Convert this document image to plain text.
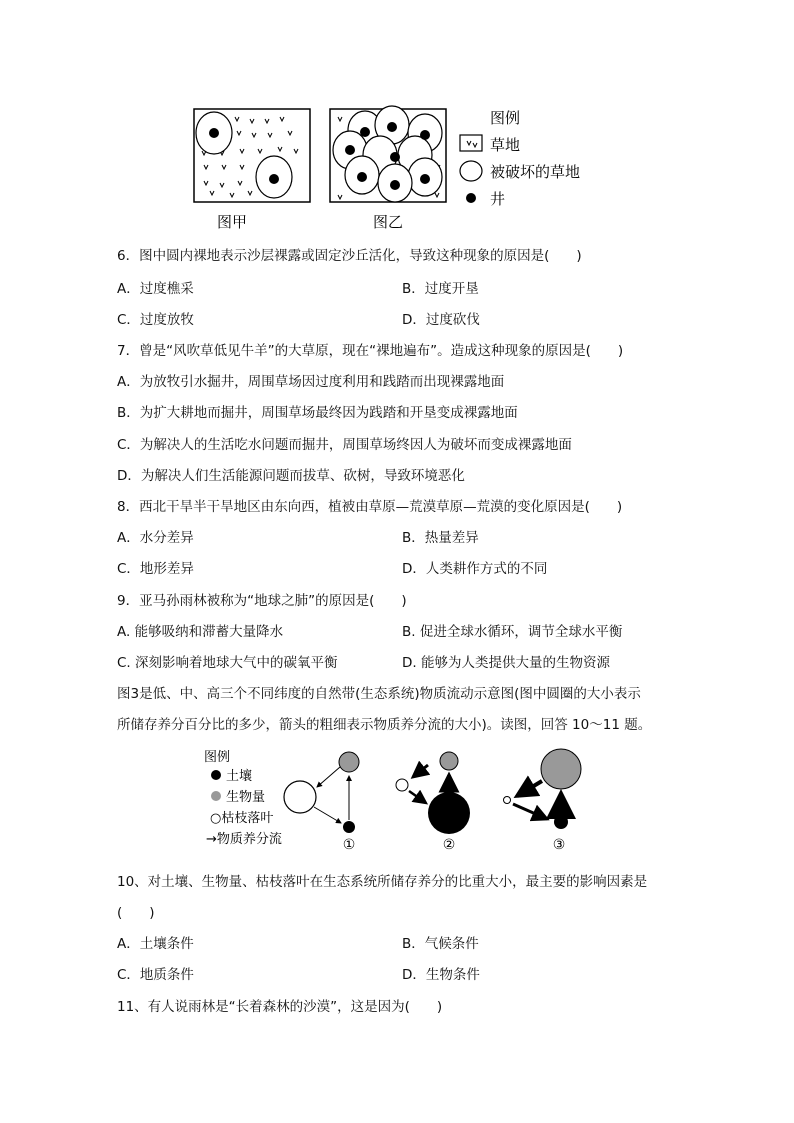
图甲	图乙
图例
草地
被破坏的草地
井
6．图中圆内裸地表示沙层裸露或固定沙丘活化，导致这种现象的原因是(　　)
A．过度樵采	B．过度开垦
C．过度放牧	D．过度砍伐
7．曾是“风吹草低见牛羊”的大草原，现在“裸地遍布”。造成这种现象的原因是(　　)
A．为放牧引水掘井，周围草场因过度利用和践踏而出现裸露地面
B．为扩大耕地而掘井，周围草场最终因为践踏和开垦变成裸露地面
C．为解决人的生活吃水问题而掘井，周围草场终因人为破坏而变成裸露地面
D．为解决人们生活能源问题而拔草、砍树，导致环境恶化
8．西北干旱半干旱地区由东向西，植被由草原—荒漠草原—荒漠的变化原因是(　　)
A．水分差异	B．热量差异
C．地形差异	D．人类耕作方式的不同
9．亚马孙雨林被称为“地球之肺”的原因是(　　)
A. 能够吸纳和滞蓄大量降水	B. 促进全球水循环，调节全球水平衡
C. 深刻影响着地球大气中的碳氧平衡	D. 能够为人类提供大量的生物资源
图3是低、中、高三个不同纬度的自然带(生态系统)物质流动示意图(图中圆圈的大小表示
所储存养分百分比的多少，箭头的粗细表示物质养分流的大小)。读图，回答 10～11 题。
图例
土壤
生物量
○枯枝落叶
→物质养分流	①	②	③
10、对土壤、生物量、枯枝落叶在生态系统所储存养分的比重大小，最主要的影响因素是
(　　)
A．土壤条件	B．气候条件
C．地质条件	D．生物条件
11、有人说雨林是“长着森林的沙漠”，这是因为(　　)
